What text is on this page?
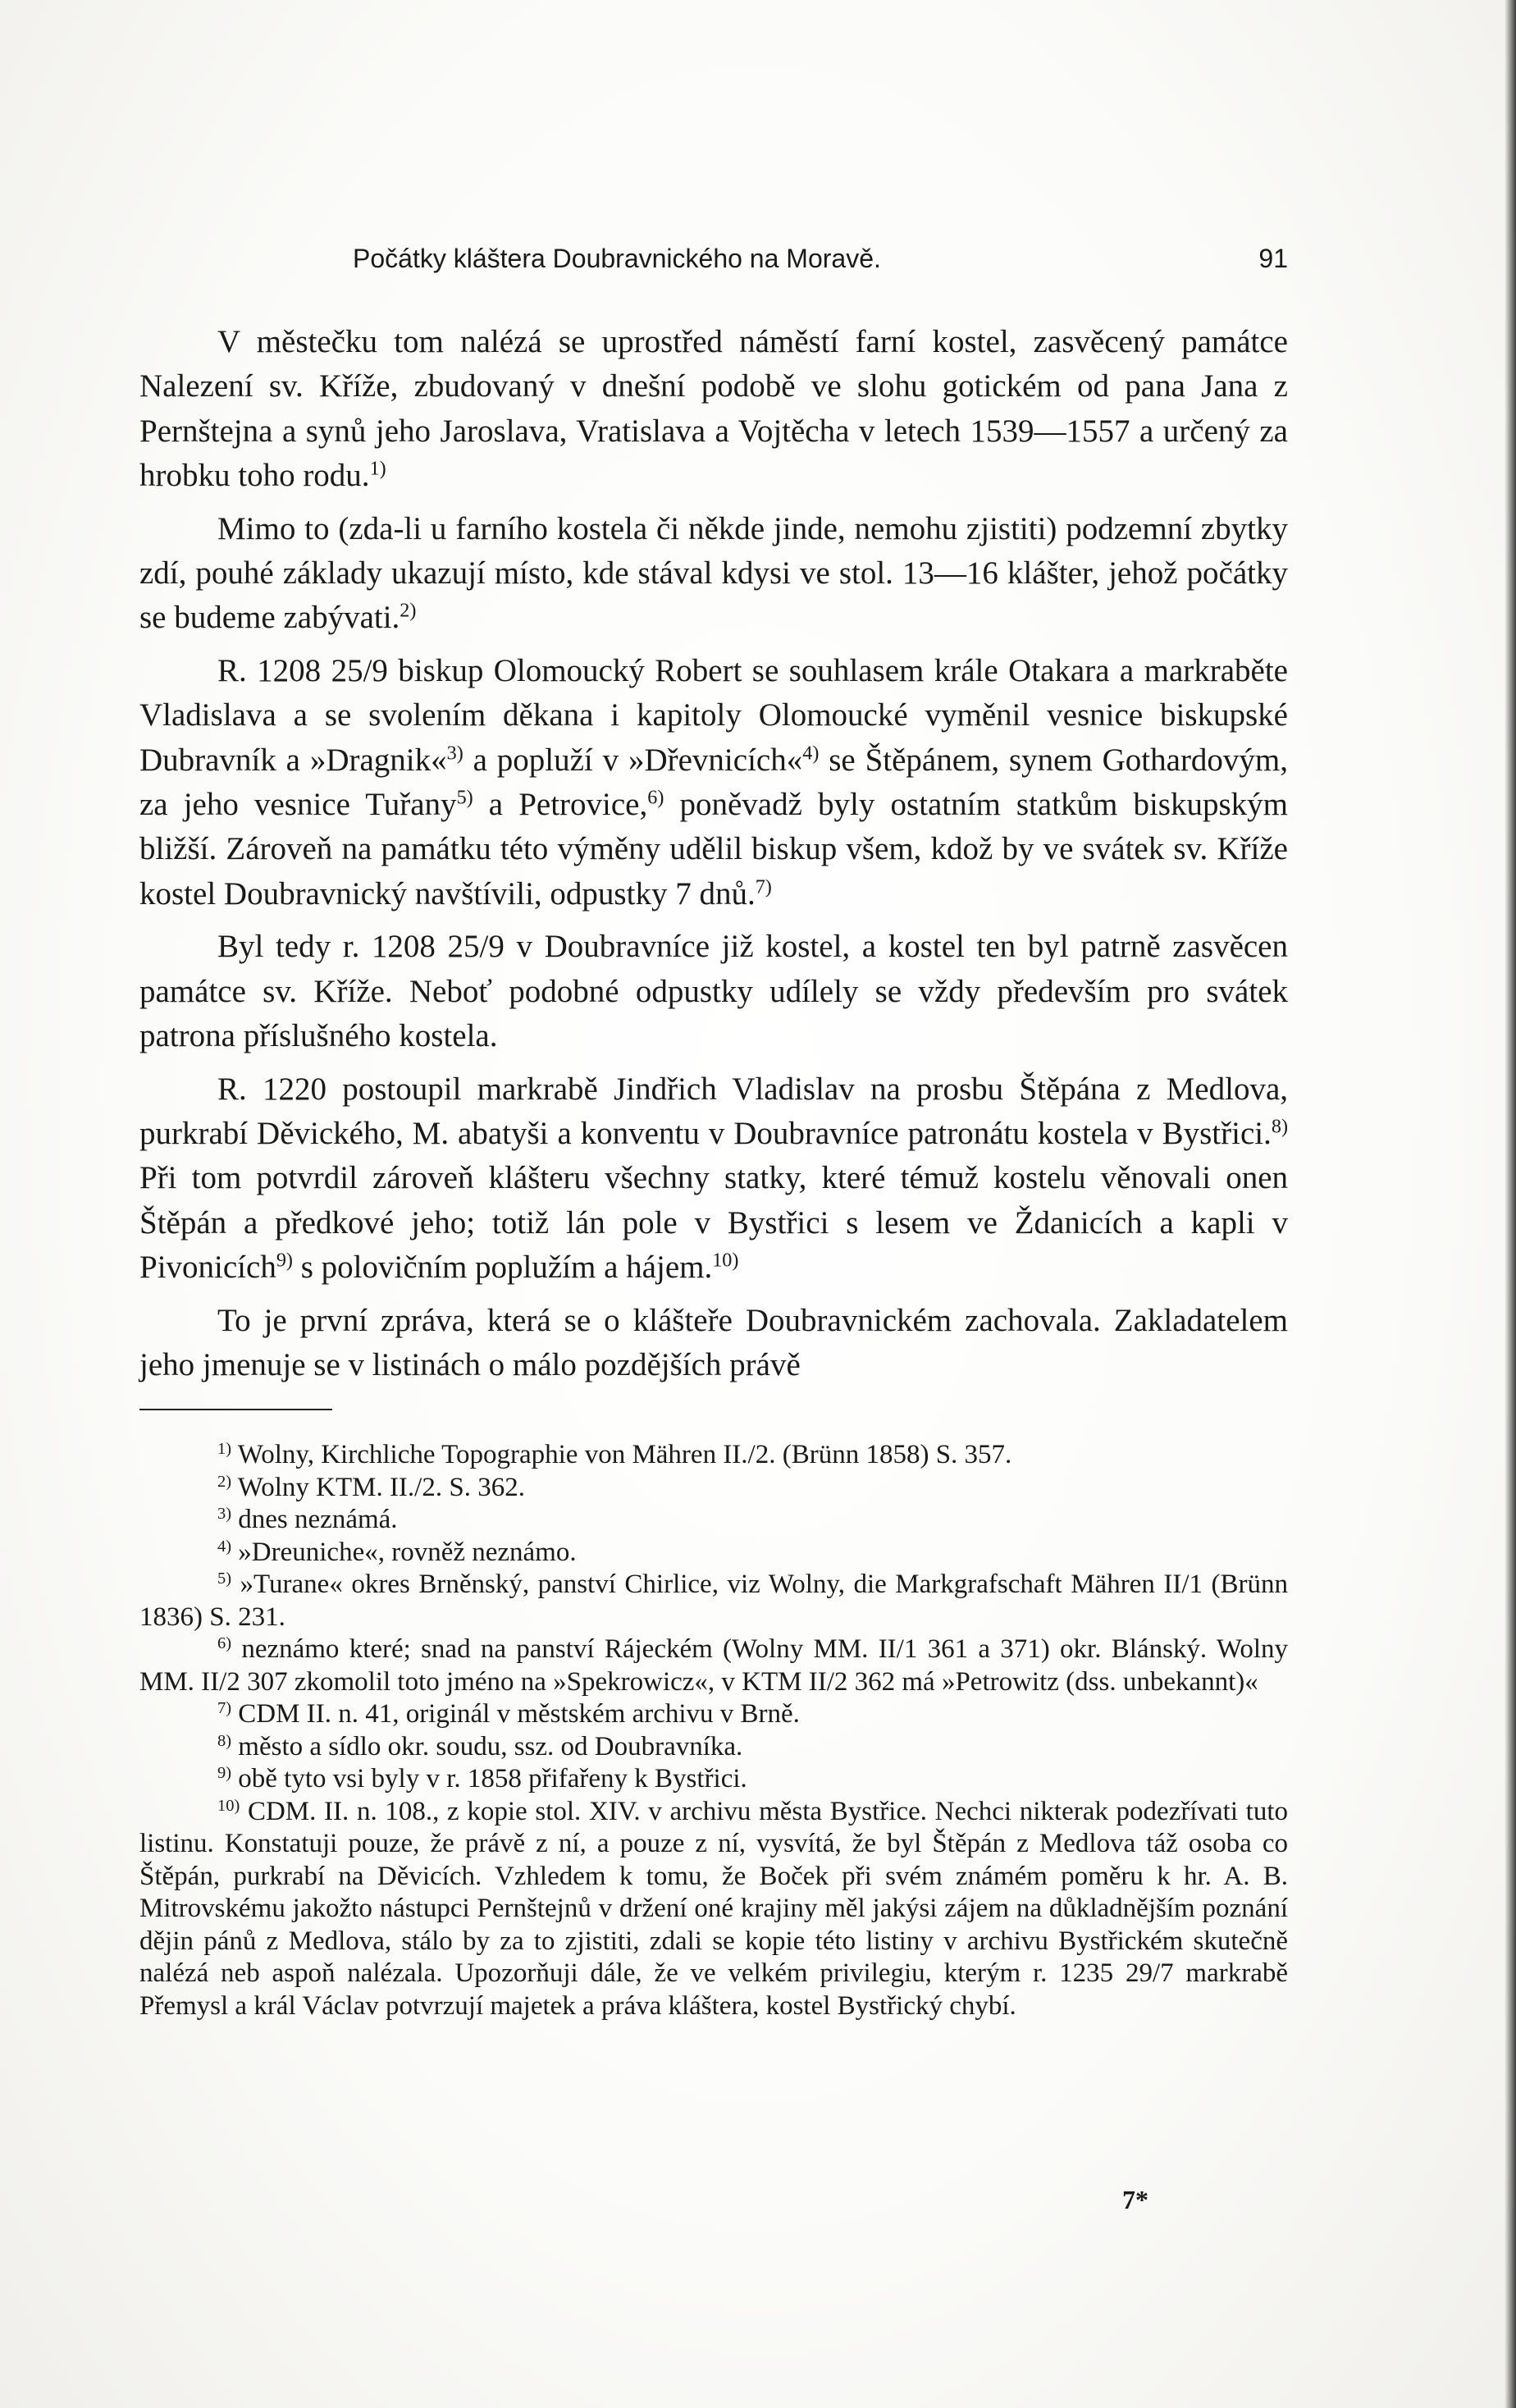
Počátky kláštera Doubravnického na Moravě.	91

V městečku tom nalézá se uprostřed náměstí farní kostel, zasvěcený památce Nalezení sv. Kříže, zbudovaný v dnešní podobě ve slohu gotickém od pana Jana z Pernštejna a synů jeho Jaroslava, Vratislava a Vojtěcha v letech 1539—1557 a určený za hrobku toho rodu.$^{1)}$

Mimo to (zda-li u farního kostela či někde jinde, nemohu zjistiti) podzemní zbytky zdí, pouhé základy ukazují místo, kde stával kdysi ve stol. 13—16 klášter, jehož počátky se budeme zabývati.$^{2)}$

R. 1208 25/9 biskup Olomoucký Robert se souhlasem krále Otakara a markraběte Vladislava a se svolením děkana i kapitoly Olomoucké vyměnil vesnice biskupské Dubravník a »Dragnik«$^{3)}$ a popluží v »Dřevnicích«$^{4)}$ se Štěpánem, synem Gothardovým, za jeho vesnice Tuřany$^{5)}$ a Petrovice,$^{6)}$ poněvadž byly ostatním statkům biskupským bližší. Zároveň na památku této výměny udělil biskup všem, kdož by ve svátek sv. Kříže kostel Doubravnický navštívili, odpustky 7 dnů.$^{7)}$

Byl tedy r. 1208 25/9 v Doubravníce již kostel, a kostel ten byl patrně zasvěcen památce sv. Kříže. Neboť podobné odpustky udílely se vždy především pro svátek patrona příslušného kostela.

R. 1220 postoupil markrabě Jindřich Vladislav na prosbu Štěpána z Medlova, purkrabí Děvického, M. abatyši a konventu v Doubravníce patronátu kostela v Bystřici.$^{8)}$ Při tom potvrdil zároveň klášteru všechny statky, které témuž kostelu věnovali onen Štěpán a předkové jeho; totiž lán pole v Bystřici s lesem ve Ždanicích a kapli v Pivonicích$^{9)}$ s polovičním poplužím a hájem.$^{10)}$

To je první zpráva, která se o klášteře Doubravnickém zachovala. Zakladatelem jeho jmenuje se v listinách o málo pozdějších právě

$^{1)}$ Wolny, Kirchliche Topographie von Mähren II./2. (Brünn 1858) S. 357.

$^{2)}$ Wolny KTM. II./2. S. 362.

$^{3)}$ dnes neznámá.

$^{4)}$ »Dreuniche«, rovněž neznámo.

$^{5)}$ »Turane« okres Brněnský, panství Chirlice, viz Wolny, die Markgrafschaft Mähren II/1 (Brünn 1836) S. 231.

$^{6)}$ neznámo které; snad na panství Rájeckém (Wolny MM. II/1 361 a 371) okr. Blánský. Wolny MM. II/2 307 zkomolil toto jméno na »Spekrowicz«, v KTM II/2 362 má »Petrowitz (dss. unbekannt)«

$^{7)}$ CDM II. n. 41, originál v městském archivu v Brně.

$^{8)}$ město a sídlo okr. soudu, ssz. od Doubravníka.

$^{9)}$ obě tyto vsi byly v r. 1858 přifařeny k Bystřici.

$^{10)}$ CDM. II. n. 108., z kopie stol. XIV. v archivu města Bystřice. Nechci nikterak podezřívati tuto listinu. Konstatuji pouze, že právě z ní, a pouze z ní, vysvítá, že byl Štěpán z Medlova táž osoba co Štěpán, purkrabí na Děvicích. Vzhledem k tomu, že Boček při svém známém poměru k hr. A. B. Mitrovskému jakožto nástupci Pernštejnů v držení oné krajiny měl jakýsi zájem na důkladnějším poznání dějin pánů z Medlova, stálo by za to zjistiti, zdali se kopie této listiny v archivu Bystřickém skutečně nalézá neb aspoň nalézala. Upozorňuji dále, že ve velkém privilegiu, kterým r. 1235 29/7 markrabě Přemysl a král Václav potvrzují majetek a práva kláštera, kostel Bystřický chybí.

7*
